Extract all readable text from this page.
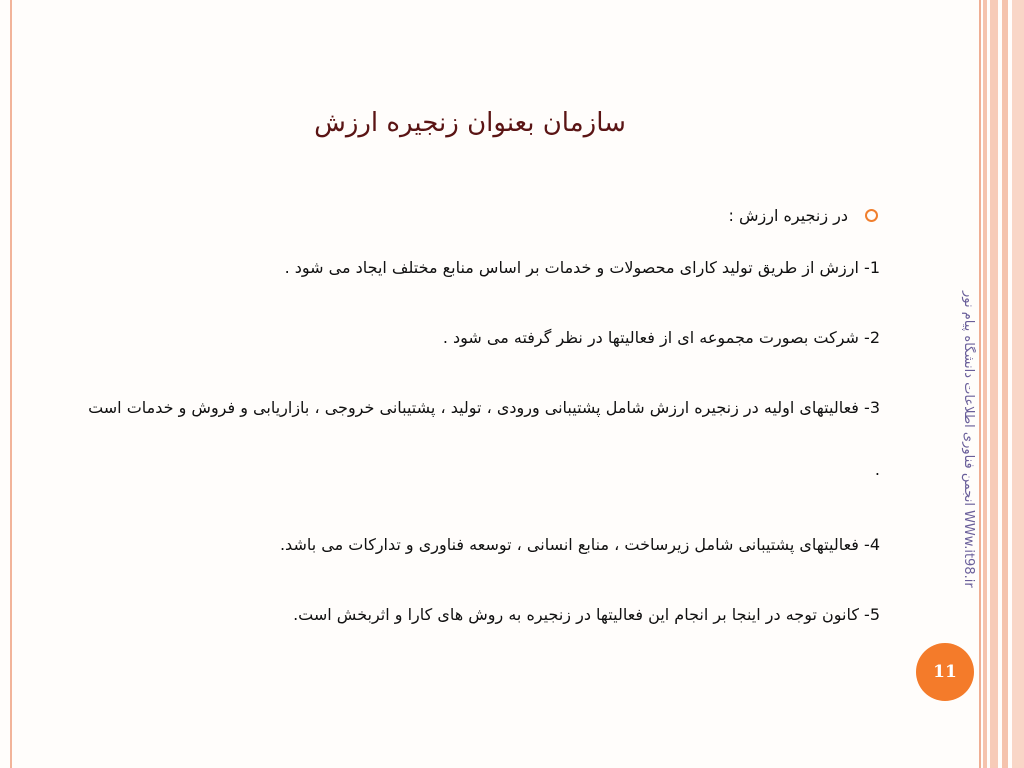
سازمان بعنوان زنجیره ارزش
در زنجیره ارزش :
1- ارزش از طریق تولید کارای محصولات و خدمات بر اساس منابع مختلف ایجاد می شود .
2- شرکت بصورت مجموعه ای از فعالیتها در نظر گرفته می شود .
3- فعالیتهای اولیه در زنجیره ارزش شامل پشتیبانی ورودی ، تولید ، پشتیبانی خروجی ، بازاریابی و فروش و خدمات است .
4- فعالیتهای پشتیبانی شامل زیرساخت ، منابع انسانی ، توسعه فناوری و تدارکات می باشد.
5- کانون توجه در اینجا بر انجام این فعالیتها در زنجیره به روش های کارا و اثربخش است.
WWw.it98.ir انجمن فناوری اطلاعات دانشگاه پیام نور
11
